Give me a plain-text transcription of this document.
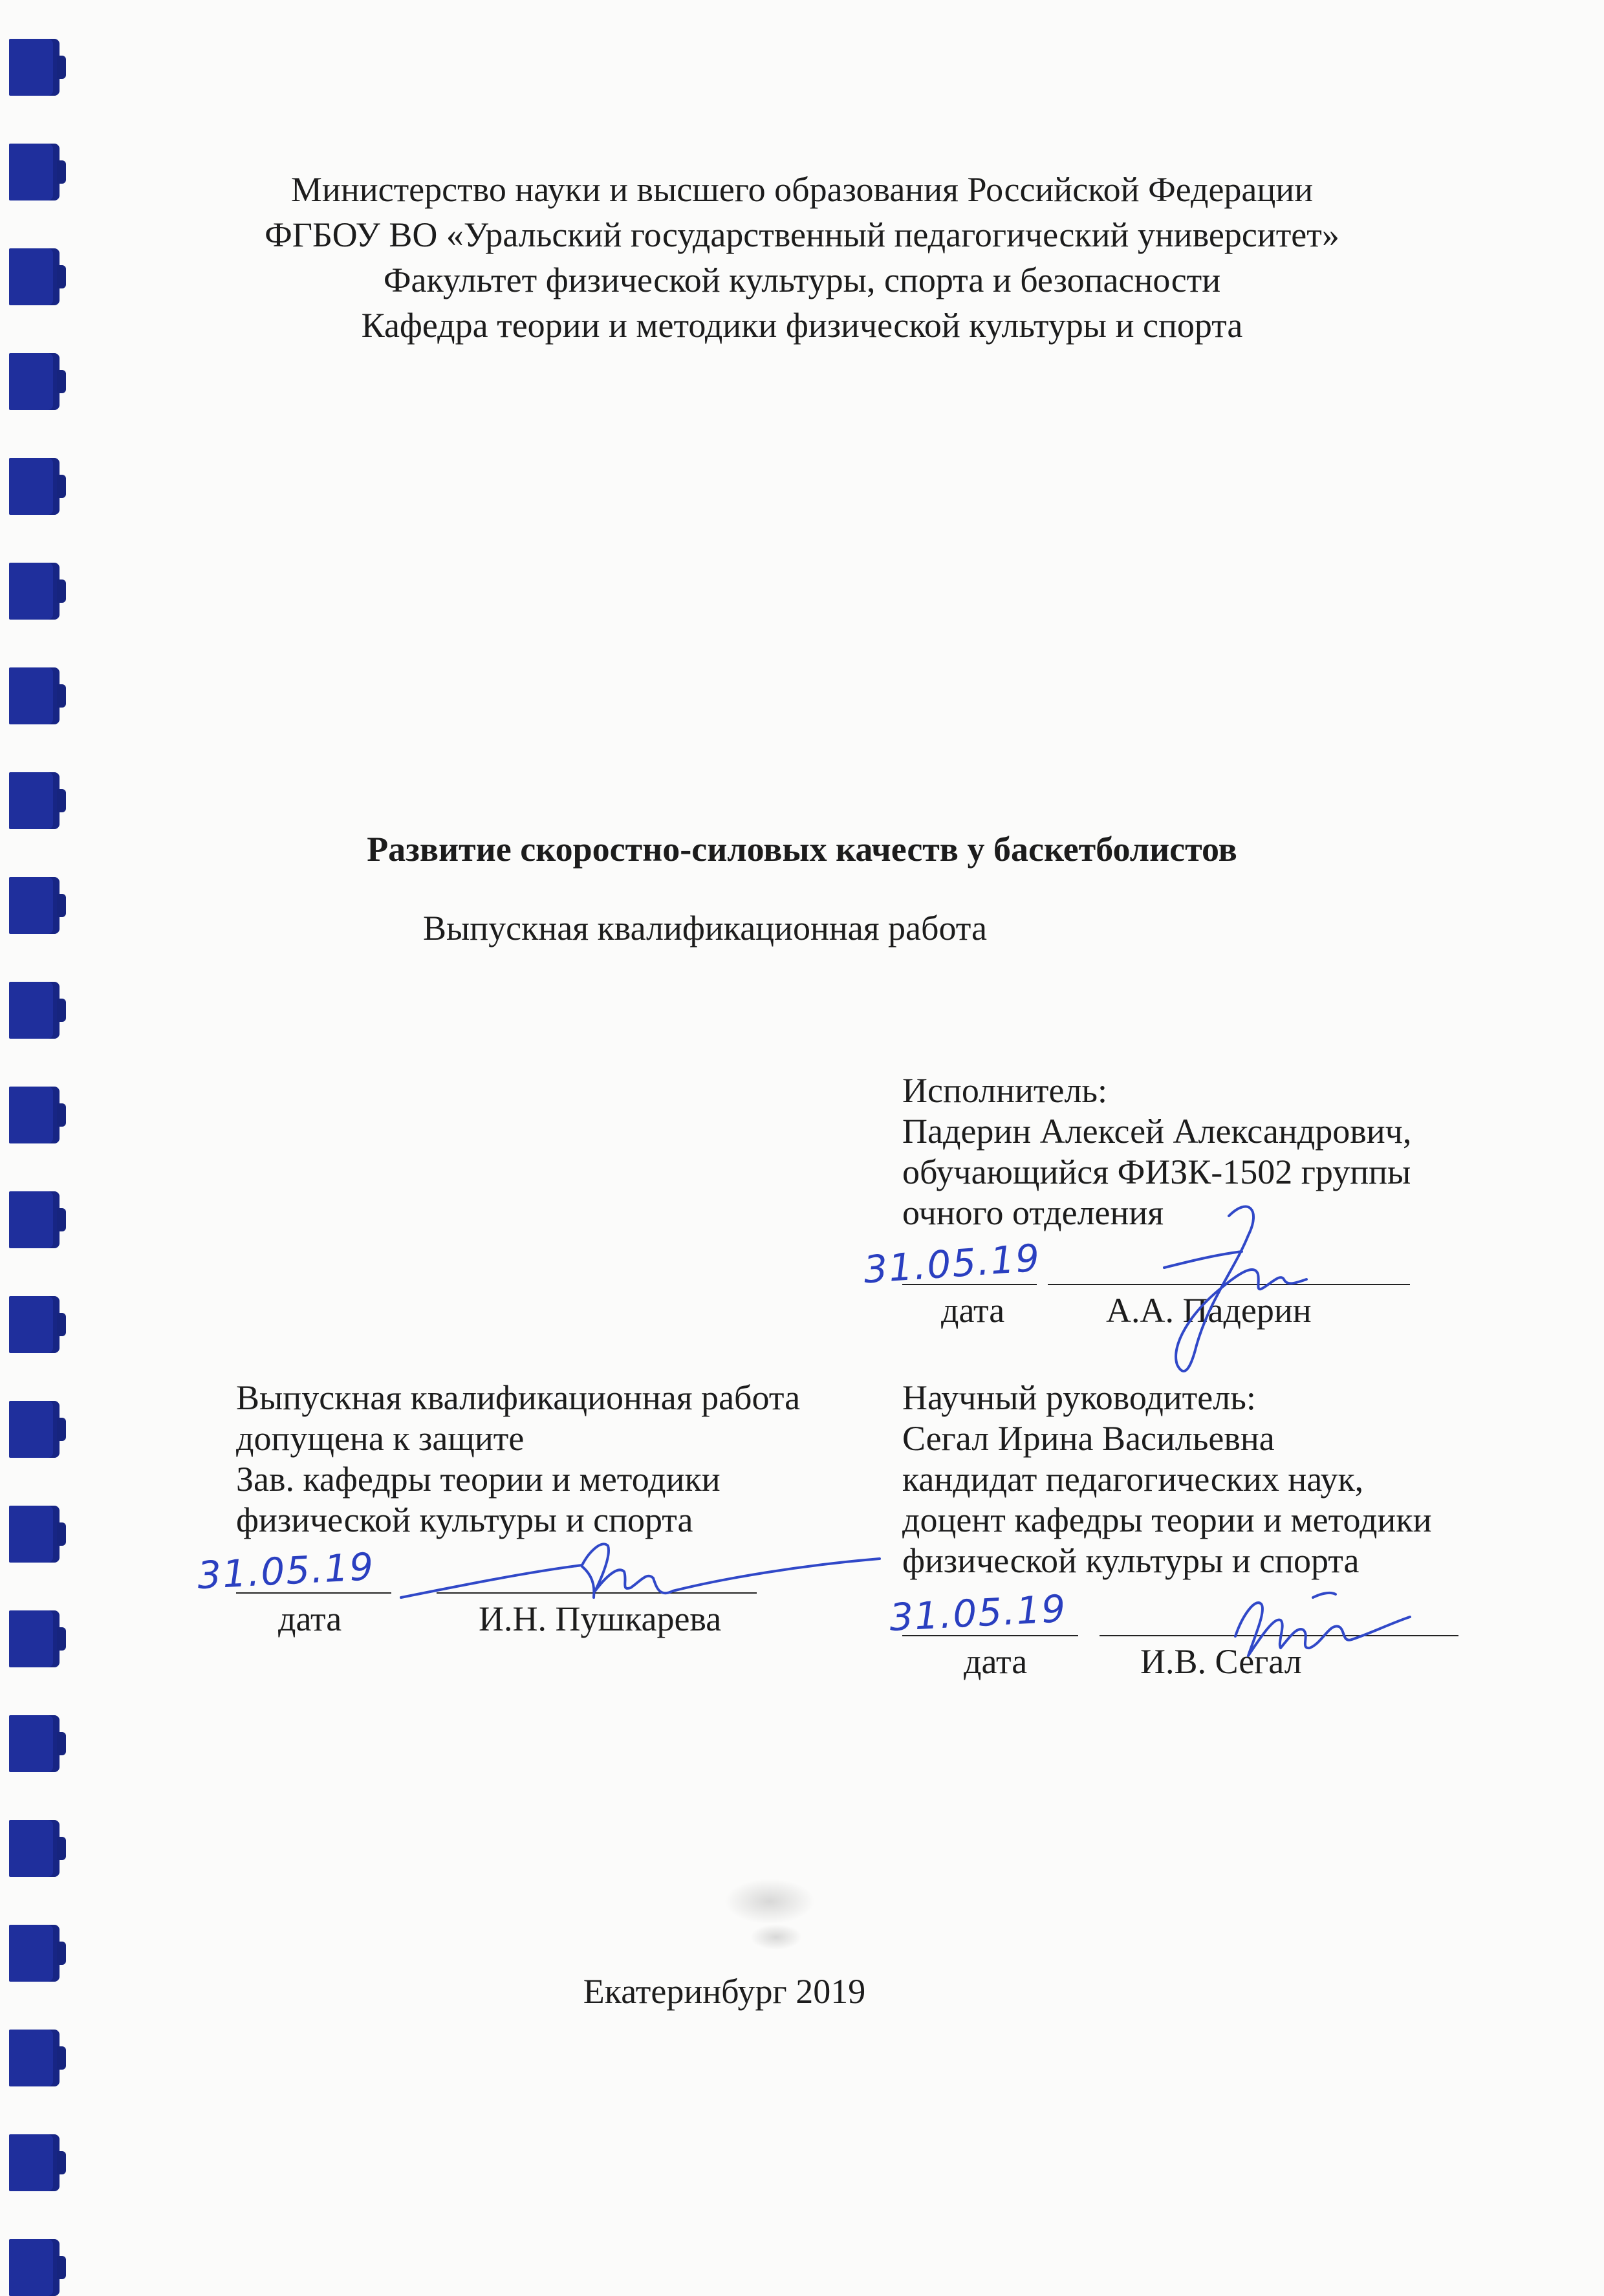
Министерство науки и высшего образования Российской Федерации
ФГБОУ ВО «Уральский государственный педагогический университет»
Факультет физической культуры, спорта и безопасности
Кафедра теории и методики физической культуры и спорта
Развитие скоростно-силовых качеств у баскетболистов
Выпускная квалификационная работа
Исполнитель:
Падерин Алексей Александрович,
обучающийся ФИЗК-1502 группы
очного отделения
31.05.19
дата	А.А. Падерин
Выпускная квалификационная работа
допущена к защите
Зав. кафедры теории и методики
физической культуры и спорта
31.05.19
дата	И.Н. Пушкарева
Научный руководитель:
Сегал Ирина Васильевна
кандидат педагогических наук,
доцент кафедры теории и методики
физической культуры и спорта
31.05.19
дата	И.В. Сегал
Екатеринбург 2019
